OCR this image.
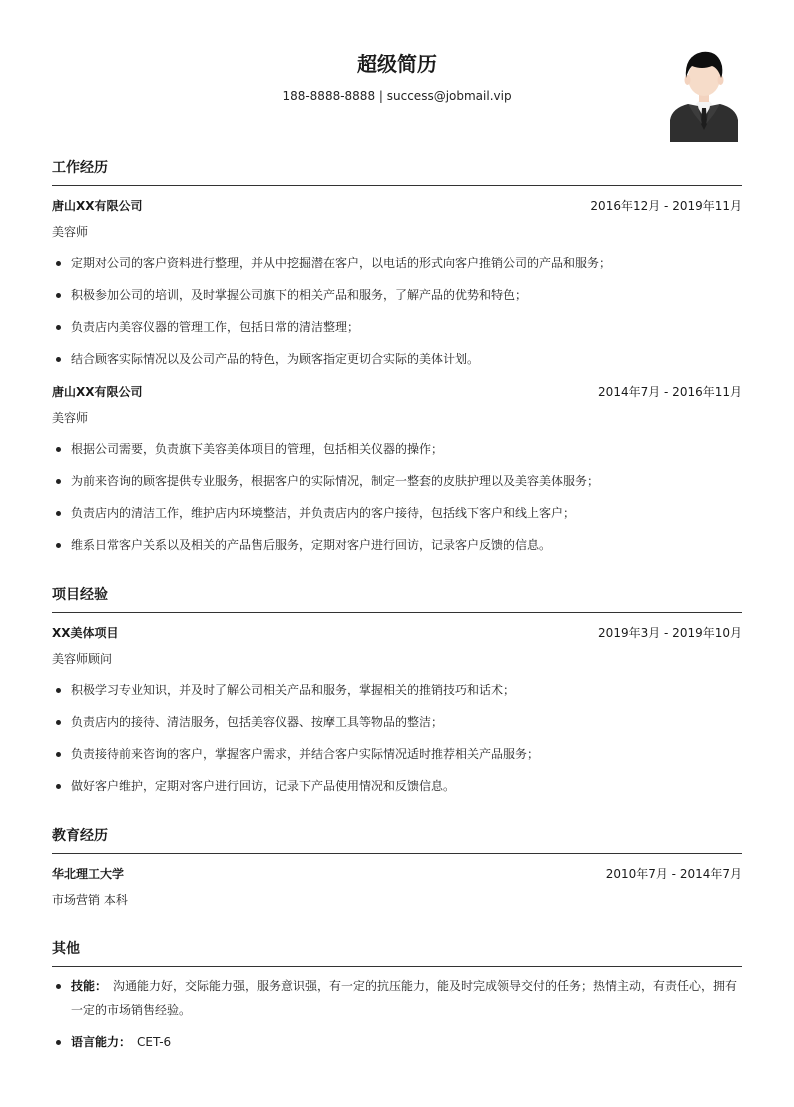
超级简历
188-8888-8888 | success@jobmail.vip
工作经历
唐山XX有限公司	2016年12月 - 2019年11月
美容师
定期对公司的客户资料进行整理，并从中挖掘潜在客户，以电话的形式向客户推销公司的产品和服务；
积极参加公司的培训，及时掌握公司旗下的相关产品和服务，了解产品的优势和特色；
负责店内美容仪器的管理工作，包括日常的清洁整理；
结合顾客实际情况以及公司产品的特色，为顾客指定更切合实际的美体计划。
唐山XX有限公司	2014年7月 - 2016年11月
美容师
根据公司需要，负责旗下美容美体项目的管理，包括相关仪器的操作；
为前来咨询的顾客提供专业服务，根据客户的实际情况，制定一整套的皮肤护理以及美容美体服务；
负责店内的清洁工作，维护店内环境整洁，并负责店内的客户接待，包括线下客户和线上客户；
维系日常客户关系以及相关的产品售后服务，定期对客户进行回访，记录客户反馈的信息。
项目经验
XX美体项目	2019年3月 - 2019年10月
美容师顾问
积极学习专业知识，并及时了解公司相关产品和服务，掌握相关的推销技巧和话术；
负责店内的接待、清洁服务，包括美容仪器、按摩工具等物品的整洁；
负责接待前来咨询的客户，掌握客户需求，并结合客户实际情况适时推荐相关产品服务；
做好客户维护，定期对客户进行回访，记录下产品使用情况和反馈信息。
教育经历
华北理工大学	2010年7月 - 2014年7月
市场营销 本科
其他
技能： 沟通能力好，交际能力强，服务意识强，有一定的抗压能力，能及时完成领导交付的任务；热情主动，有责任心，拥有
一定的市场销售经验。
语言能力： CET-6
